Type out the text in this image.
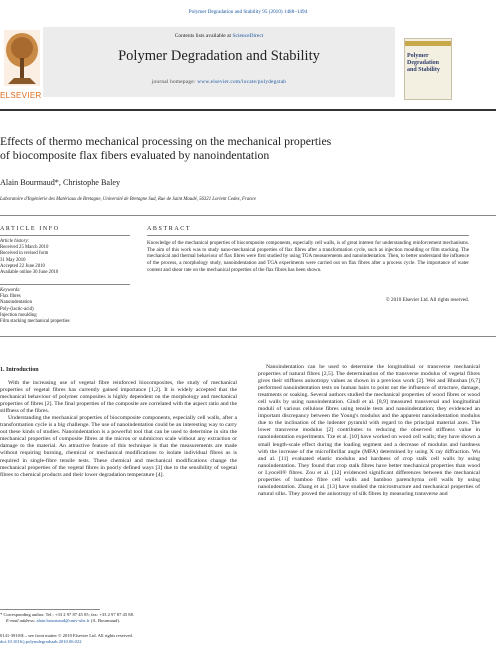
Polymer Degradation and Stability 95 (2010) 1488–1494
ELSEVIER
Contents lists available at ScienceDirect
Polymer Degradation and Stability
journal homepage: www.elsevier.com/locate/polydegstab
Polymer Degradation and Stability
Effects of thermo mechanical processing on the mechanical properties
of biocomposite flax fibers evaluated by nanoindentation
Alain Bourmaud*, Christophe Baley
Laboratoire d'Ingénierie des Matériaux de Bretagne, Université de Bretagne Sud, Rue de Saint Maudé, 56321 Lorient Cedex, France
ARTICLE INFO
Article history:
Received 25 March 2010
Received in revised form
31 May 2010
Accepted 22 June 2010
Available online 30 June 2010
Keywords:
Flax fibres
Nanoindentation
Poly-(lactic-acid)
Injection moulding
Film stacking mechanical properties
ABSTRACT
Knowledge of the mechanical properties of biocomposite components, especially cell walls, is of great interest for understanding reinforcement mechanisms. The aim of this work was to study nano-mechanical properties of flax fibres after a transformation cycle, such as injection moulding or film stacking. The mechanical and thermal behaviour of flax fibres were first studied by using TGA measurements and nanoindentation. Then, to better understand the influence of the process, a morphology study, nanoindentation and TGA experiments were carried out on flax fibres after a process cycle. The importance of water content and shear rate on the mechanical properties of the flax fibres has been shown.
© 2010 Elsevier Ltd. All rights reserved.
1. Introduction

With the increasing use of vegetal fibre reinforced biocomposites, the study of mechanical properties of vegetal fibres has currently gained importance [1,2]. It is widely accepted that the mechanical behaviour of polymer composites is highly dependent on the morphology and mechanical properties of fibres [2]. The final properties of the composite are correlated with the aspect ratio and the stiffness of the fibres.

Understanding the mechanical properties of biocomposite components, especially cell walls, after a transformation cycle is a big challenge. The use of nanoindentation could be an interesting way to carry out these kinds of studies. Nanoindentation is a powerful tool that can be used to determine in situ the mechanical properties of composite fibres at the micron or submicron scale without any extraction or damage to the material. An attractive feature of this technique is that the measurements are made without requiring burning, chemical or mechanical modifications to isolate individual fibres as is required in single-fibre tensile tests. These chemical and mechanical modifications change the mechanical properties of the vegetal fibres in poorly defined ways [3] due to the sensibility of vegetal fibres to chemical products and their lower degradation temperature [4].

Nanoindentation can be used to determine the longitudinal or transverse mechanical properties of natural fibres [2,5]. The determination of the transverse modulus of vegetal fibres gives their stiffness anisotropy values as shown in a previous work [2]. Wei and Bhushan [6,7] performed nanoindentation tests on human hairs to point out the influence of structure, damage, treatments or soaking. Several authors studied the mechanical properties of wood fibres or wood cell walls by using nanoindentation. Gindl et al. [8,9] measured transversal and longitudinal moduli of various cellulose fibres using tensile tests and nanoindentation; they evidenced an important discrepancy between the Young's modulus and the apparent nanoindentation modulus due to the inclination of the indenter pyramid with regard to the principal material axes. The lower transverse modulus [2] contributes to reducing the observed stiffness value in nanoindentation experiments. Tze et al. [10] have worked on wood cell walls; they have shown a small length-scale effect during the loading segment and a decrease of modulus and hardness with the increase of the microfibrillar angle (MFA) determined by using X ray diffraction. Wu and al. [11] evaluated elastic modulus and hardness of crop stalk cell walls by using nanoindentation. They found that crop stalk fibres have better mechanical properties than wood or Lyocell® fibres. Zou et al. [12] evidenced significant differences between the mechanical properties of bamboo fibre cell walls and bamboo parenchyma cell walls by using nanoindentation. Zhang et al. [13] have studied the microstructure and mechanical properties of natural silks. They proved the anisotropy of silk fibres by measuring transverse and

* Corresponding author. Tel.: +33 2 97 87 45 05; fax: +33 2 97 87 45 88.
E-mail address: alain.bourmaud@univ-ubs.fr (A. Bourmaud).
0141-3910/$ – see front matter © 2010 Elsevier Ltd. All rights reserved.
doi:10.1016/j.polymdegradstab.2010.06.022
